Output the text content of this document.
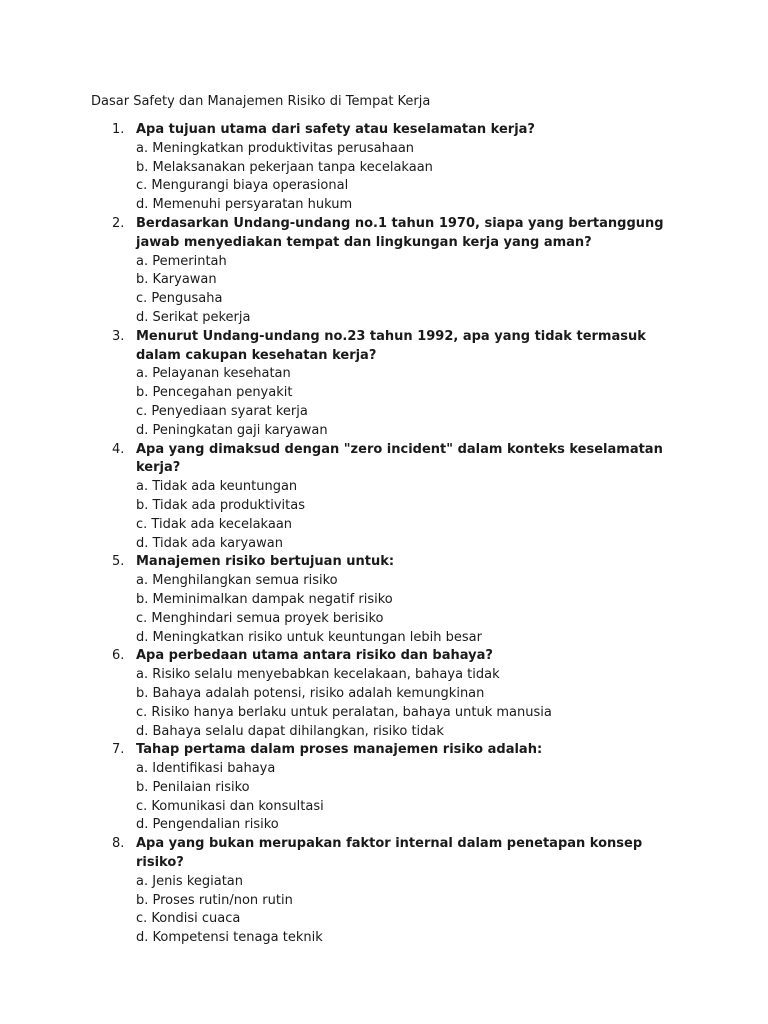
Dasar Safety dan Manajemen Risiko di Tempat Kerja
1. Apa tujuan utama dari safety atau keselamatan kerja?
a. Meningkatkan produktivitas perusahaan
b. Melaksanakan pekerjaan tanpa kecelakaan
c. Mengurangi biaya operasional
d. Memenuhi persyaratan hukum
2. Berdasarkan Undang-undang no.1 tahun 1970, siapa yang bertanggung jawab menyediakan tempat dan lingkungan kerja yang aman?
a. Pemerintah
b. Karyawan
c. Pengusaha
d. Serikat pekerja
3. Menurut Undang-undang no.23 tahun 1992, apa yang tidak termasuk dalam cakupan kesehatan kerja?
a. Pelayanan kesehatan
b. Pencegahan penyakit
c. Penyediaan syarat kerja
d. Peningkatan gaji karyawan
4. Apa yang dimaksud dengan "zero incident" dalam konteks keselamatan kerja?
a. Tidak ada keuntungan
b. Tidak ada produktivitas
c. Tidak ada kecelakaan
d. Tidak ada karyawan
5. Manajemen risiko bertujuan untuk:
a. Menghilangkan semua risiko
b. Meminimalkan dampak negatif risiko
c. Menghindari semua proyek berisiko
d. Meningkatkan risiko untuk keuntungan lebih besar
6. Apa perbedaan utama antara risiko dan bahaya?
a. Risiko selalu menyebabkan kecelakaan, bahaya tidak
b. Bahaya adalah potensi, risiko adalah kemungkinan
c. Risiko hanya berlaku untuk peralatan, bahaya untuk manusia
d. Bahaya selalu dapat dihilangkan, risiko tidak
7. Tahap pertama dalam proses manajemen risiko adalah:
a. Identifikasi bahaya
b. Penilaian risiko
c. Komunikasi dan konsultasi
d. Pengendalian risiko
8. Apa yang bukan merupakan faktor internal dalam penetapan konsep risiko?
a. Jenis kegiatan
b. Proses rutin/non rutin
c. Kondisi cuaca
d. Kompetensi tenaga teknik
